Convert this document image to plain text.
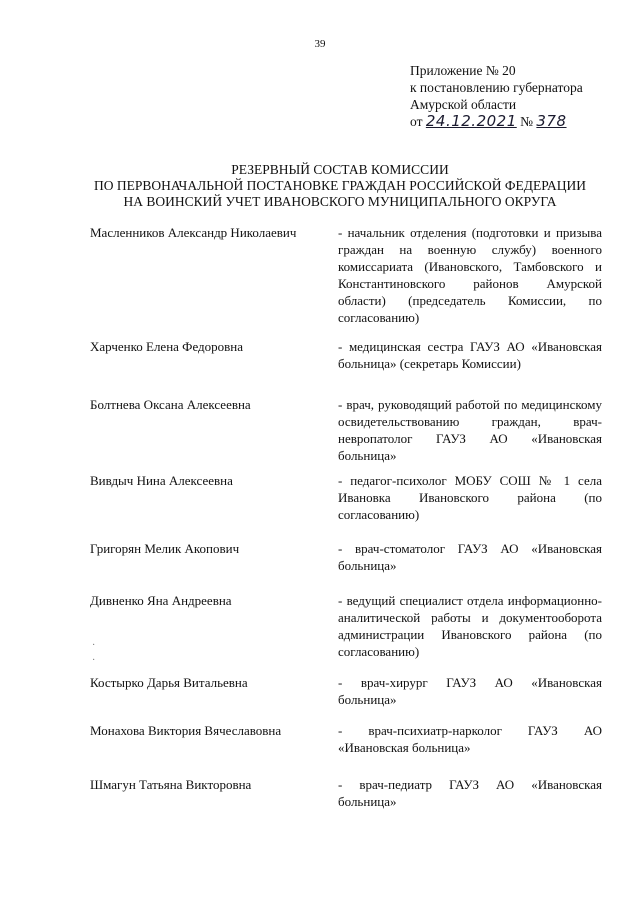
39
Приложение № 20
к постановлению губернатора
Амурской области
от 24.12.2021 № 378
РЕЗЕРВНЫЙ СОСТАВ КОМИССИИ
ПО ПЕРВОНАЧАЛЬНОЙ ПОСТАНОВКЕ ГРАЖДАН РОССИЙСКОЙ ФЕДЕРАЦИИ
НА ВОИНСКИЙ УЧЕТ ИВАНОВСКОГО МУНИЦИПАЛЬНОГО ОКРУГА
Масленников Александр Николаевич	- начальник отделения (подготовки и призыва граждан на военную службу) военного комиссариата (Ивановского, Тамбовского и Константиновского районов Амурской области) (председатель Комиссии, по согласованию)
Харченко Елена Федоровна	- медицинская сестра ГАУЗ АО «Ивановская больница» (секретарь Комиссии)
Болтнева Оксана Алексеевна	- врач, руководящий работой по медицинскому освидетельствованию граждан, врач-невропатолог ГАУЗ АО «Ивановская больница»
Вивдыч Нина Алексеевна	- педагог-психолог МОБУ СОШ № 1 села Ивановка Ивановского района (по согласованию)
Григорян Мелик Акопович	- врач-стоматолог ГАУЗ АО «Ивановская больница»
Дивненко Яна Андреевна	- ведущий специалист отдела информационно-аналитической работы и документооборота администрации Ивановского района (по согласованию)
Костырко Дарья Витальевна	- врач-хирург ГАУЗ АО «Ивановская больница»
Монахова Виктория Вячеславовна	- врач-психиатр-нарколог ГАУЗ АО «Ивановская больница»
Шмагун Татьяна Викторовна	- врач-педиатр ГАУЗ АО «Ивановская больница»
·
·
